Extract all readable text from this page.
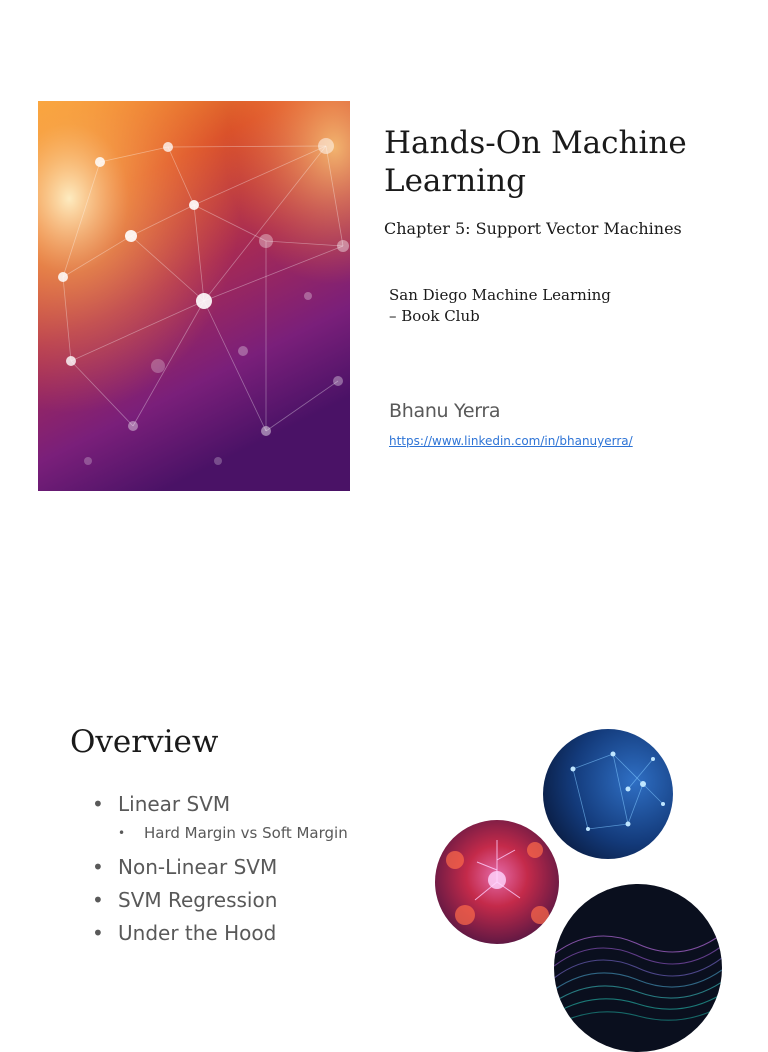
Hands-On Machine Learning
Chapter 5: Support Vector Machines
San Diego Machine Learning
– Book Club
Bhanu Yerra
https://www.linkedin.com/in/bhanuyerra/
Overview
• Linear SVM
• Hard Margin vs Soft Margin
• Non-Linear SVM
• SVM Regression
• Under the Hood
